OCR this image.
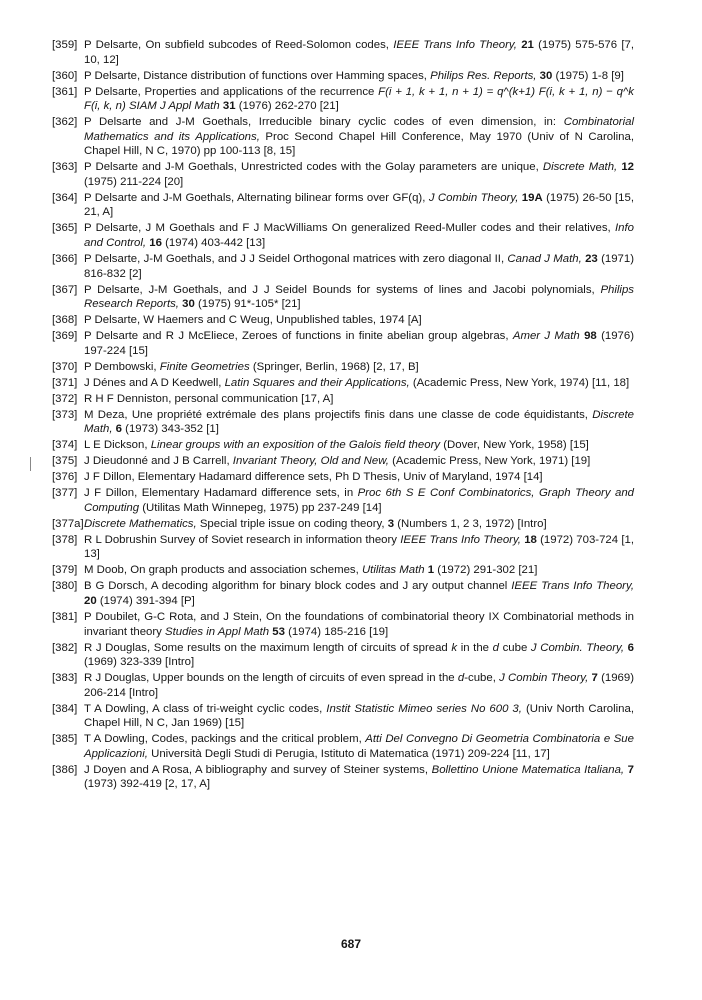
[359] P Delsarte, On subfield subcodes of Reed-Solomon codes, IEEE Trans Info Theory, 21 (1975) 575-576 [7, 10, 12]
[360] P Delsarte, Distance distribution of functions over Hamming spaces, Philips Res. Reports, 30 (1975) 1-8 [9]
[361] P Delsarte, Properties and applications of the recurrence F(i + 1, k + 1, n + 1) = q^(k+1) F(i, k + 1, n) − q^k F(i, k, n) SIAM J Appl Math 31 (1976) 262-270 [21]
[362] P Delsarte and J-M Goethals, Irreducible binary cyclic codes of even dimension, in: Combinatorial Mathematics and its Applications, Proc Second Chapel Hill Conference, May 1970 (Univ of N Carolina, Chapel Hill, N C, 1970) pp 100-113 [8, 15]
[363] P Delsarte and J-M Goethals, Unrestricted codes with the Golay parameters are unique, Discrete Math, 12 (1975) 211-224 [20]
[364] P Delsarte and J-M Goethals, Alternating bilinear forms over GF(q), J Combin Theory, 19A (1975) 26-50 [15, 21, A]
[365] P Delsarte, J M Goethals and F J MacWilliams On generalized Reed-Muller codes and their relatives, Info and Control, 16 (1974) 403-442 [13]
[366] P Delsarte, J-M Goethals, and J J Seidel Orthogonal matrices with zero diagonal II, Canad J Math, 23 (1971) 816-832 [2]
[367] P Delsarte, J-M Goethals, and J J Seidel Bounds for systems of lines and Jacobi polynomials, Philips Research Reports, 30 (1975) 91*-105* [21]
[368] P Delsarte, W Haemers and C Weug, Unpublished tables, 1974 [A]
[369] P Delsarte and R J McEliece, Zeroes of functions in finite abelian group algebras, Amer J Math 98 (1976) 197-224 [15]
[370] P Dembowski, Finite Geometries (Springer, Berlin, 1968) [2, 17, B]
[371] J Dénes and A D Keedwell, Latin Squares and their Applications, (Academic Press, New York, 1974) [11, 18]
[372] R H F Denniston, personal communication [17, A]
[373] M Deza, Une propriété extrémale des plans projectifs finis dans une classe de code équidistants, Discrete Math, 6 (1973) 343-352 [1]
[374] L E Dickson, Linear groups with an exposition of the Galois field theory (Dover, New York, 1958) [15]
[375] J Dieudonné and J B Carrell, Invariant Theory, Old and New, (Academic Press, New York, 1971) [19]
[376] J F Dillon, Elementary Hadamard difference sets, Ph D Thesis, Univ of Maryland, 1974 [14]
[377] J F Dillon, Elementary Hadamard difference sets, in Proc 6th S E Conf Combinatorics, Graph Theory and Computing (Utilitas Math Winnepeg, 1975) pp 237-249 [14]
[377a] Discrete Mathematics, Special triple issue on coding theory, 3 (Numbers 1, 2 3, 1972) [Intro]
[378] R L Dobrushin Survey of Soviet research in information theory IEEE Trans Info Theory, 18 (1972) 703-724 [1, 13]
[379] M Doob, On graph products and association schemes, Utilitas Math 1 (1972) 291-302 [21]
[380] B G Dorsch, A decoding algorithm for binary block codes and J ary output channel IEEE Trans Info Theory, 20 (1974) 391-394 [P]
[381] P Doubilet, G-C Rota, and J Stein, On the foundations of combinatorial theory IX Combinatorial methods in invariant theory Studies in Appl Math 53 (1974) 185-216 [19]
[382] R J Douglas, Some results on the maximum length of circuits of spread k in the d cube J Combin. Theory, 6 (1969) 323-339 [Intro]
[383] R J Douglas, Upper bounds on the length of circuits of even spread in the d-cube, J Combin Theory, 7 (1969) 206-214 [Intro]
[384] T A Dowling, A class of tri-weight cyclic codes, Instit Statistic Mimeo series No 600 3, (Univ North Carolina, Chapel Hill, N C, Jan 1969) [15]
[385] T A Dowling, Codes, packings and the critical problem, Atti Del Convegno Di Geometria Combinatoria e Sue Applicazioni, Università Degli Studi di Perugia, Istituto di Matematica (1971) 209-224 [11, 17]
[386] J Doyen and A Rosa, A bibliography and survey of Steiner systems, Bollettino Unione Matematica Italiana, 7 (1973) 392-419 [2, 17, A]
687
